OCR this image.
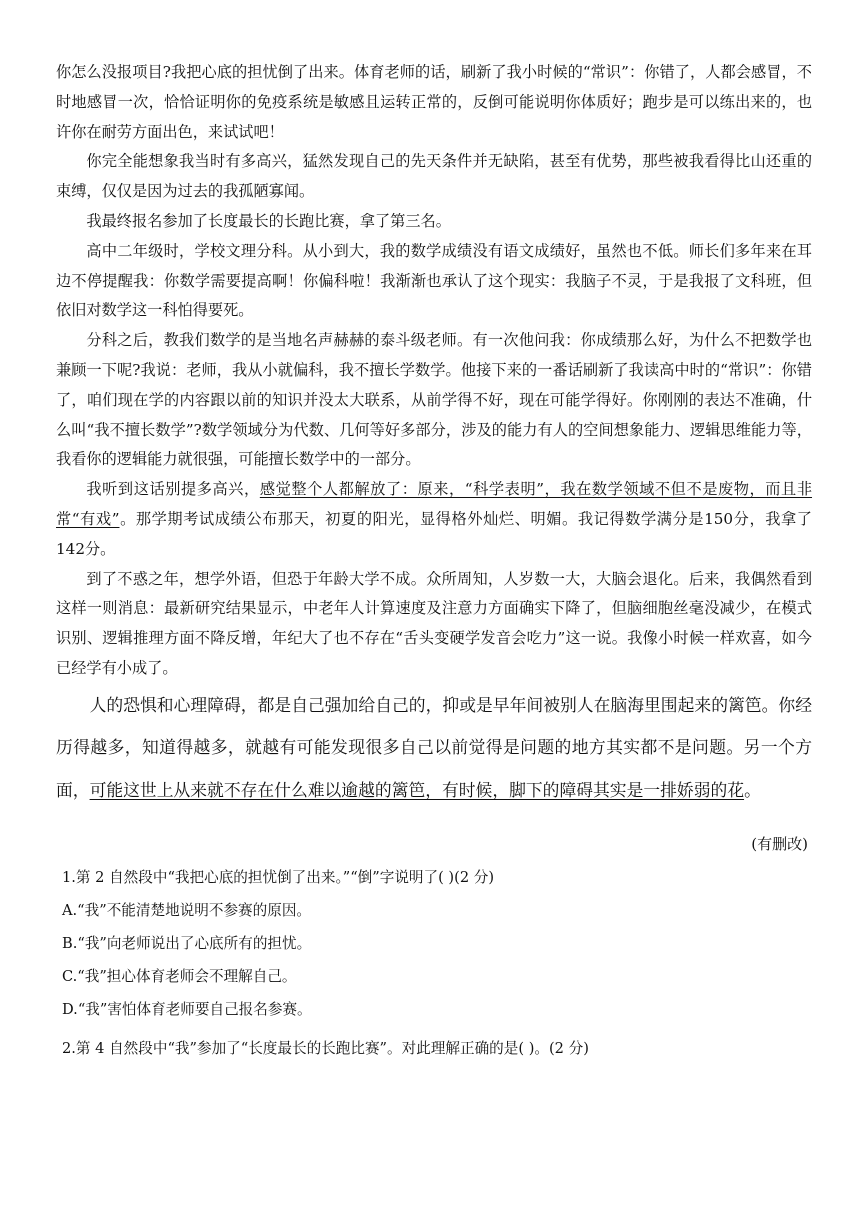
你怎么没报项目?我把心底的担忧倒了出来。体育老师的话，刷新了我小时候的“常识”：你错了，人都会感冒，不时地感冒一次，恰恰证明你的免疫系统是敏感且运转正常的，反倒可能说明你体质好；跑步是可以练出来的，也许你在耐劳方面出色，来试试吧！

你完全能想象我当时有多高兴，猛然发现自己的先天条件并无缺陷，甚至有优势，那些被我看得比山还重的束缚，仅仅是因为过去的我孤陋寡闻。

我最终报名参加了长度最长的长跑比赛，拿了第三名。

高中二年级时，学校文理分科。从小到大，我的数学成绩没有语文成绩好，虽然也不低。师长们多年来在耳边不停提醒我：你数学需要提高啊！你偏科啦！我渐渐也承认了这个现实：我脑子不灵，于是我报了文科班，但依旧对数学这一科怕得要死。

分科之后，教我们数学的是当地名声赫赫的泰斗级老师。有一次他问我：你成绩那么好，为什么不把数学也兼顾一下呢?我说：老师，我从小就偏科，我不擅长学数学。他接下来的一番话刷新了我读高中时的“常识”：你错了，咱们现在学的内容跟以前的知识并没太大联系，从前学得不好，现在可能学得好。你刚刚的表达不准确，什么叫“我不擅长数学”?数学领域分为代数、几何等好多部分，涉及的能力有人的空间想象能力、逻辑思维能力等，我看你的逻辑能力就很强，可能擅长数学中的一部分。

我听到这话别提多高兴，感觉整个人都解放了：原来，“科学表明”，我在数学领域不但不是废物，而且非常“有戏”。那学期考试成绩公布那天，初夏的阳光，显得格外灿烂、明媚。我记得数学满分是150分，我拿了142分。

到了不惑之年，想学外语，但恐于年龄大学不成。众所周知，人岁数一大，大脑会退化。后来，我偶然看到这样一则消息：最新研究结果显示，中老年人计算速度及注意力方面确实下降了，但脑细胞丝毫没减少，在模式识别、逻辑推理方面不降反增，年纪大了也不存在“舌头变硬学发音会吃力”这一说。我像小时候一样欢喜，如今已经学有小成了。

人的恐惧和心理障碍，都是自己强加给自己的，抑或是早年间被别人在脑海里围起来的篱笆。你经历得越多，知道得越多，就越有可能发现很多自己以前觉得是问题的地方其实都不是问题。另一个方面，可能这世上从来就不存在什么难以逾越的篱笆，有时候，脚下的障碍其实是一排娇弱的花。

(有删改)

1.第 2 自然段中“我把心底的担忧倒了出来。”“倒”字说明了( )(2 分)

A.“我”不能清楚地说明不参赛的原因。

B.“我”向老师说出了心底所有的担忧。

C.“我”担心体育老师会不理解自己。

D.“我”害怕体育老师要自己报名参赛。

2.第 4 自然段中“我”参加了“长度最长的长跑比赛”。对此理解正确的是( )。(2 分)
